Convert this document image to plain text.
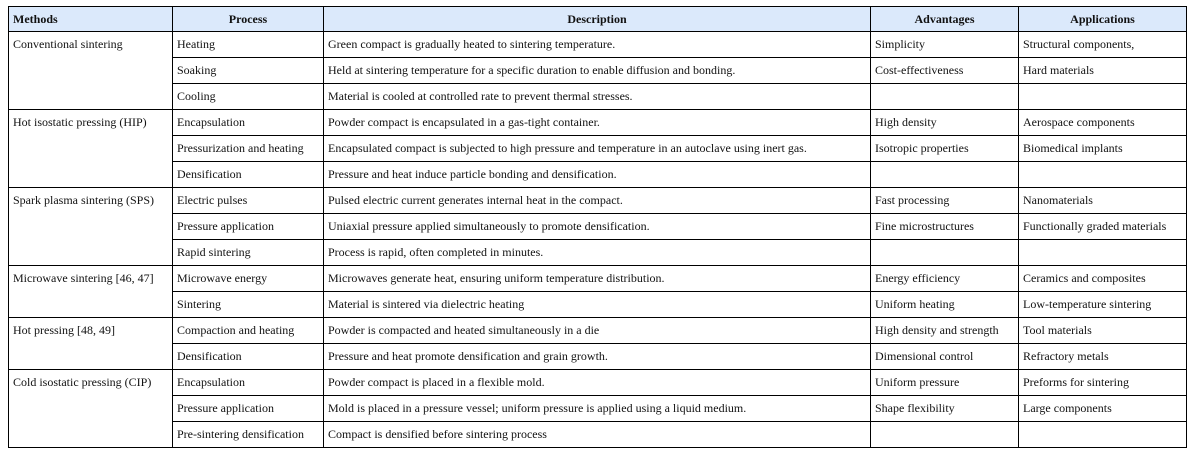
Methods	Process	Description	Advantages	Applications
Conventional sintering	Heating	Green compact is gradually heated to sintering temperature.	Simplicity	Structural components,
	Soaking	Held at sintering temperature for a specific duration to enable diffusion and bonding.	Cost-effectiveness	Hard materials
	Cooling	Material is cooled at controlled rate to prevent thermal stresses.		
Hot isostatic pressing (HIP)	Encapsulation	Powder compact is encapsulated in a gas-tight container.	High density	Aerospace components
	Pressurization and heating	Encapsulated compact is subjected to high pressure and temperature in an autoclave using inert gas.	Isotropic properties	Biomedical implants
	Densification	Pressure and heat induce particle bonding and densification.		
Spark plasma sintering (SPS)	Electric pulses	Pulsed electric current generates internal heat in the compact.	Fast processing	Nanomaterials
	Pressure application	Uniaxial pressure applied simultaneously to promote densification.	Fine microstructures	Functionally graded materials
	Rapid sintering	Process is rapid, often completed in minutes.		
Microwave sintering [46, 47]	Microwave energy	Microwaves generate heat, ensuring uniform temperature distribution.	Energy efficiency	Ceramics and composites
	Sintering	Material is sintered via dielectric heating	Uniform heating	Low-temperature sintering
Hot pressing [48, 49]	Compaction and heating	Powder is compacted and heated simultaneously in a die	High density and strength	Tool materials
	Densification	Pressure and heat promote densification and grain growth.	Dimensional control	Refractory metals
Cold isostatic pressing (CIP)	Encapsulation	Powder compact is placed in a flexible mold.	Uniform pressure	Preforms for sintering
	Pressure application	Mold is placed in a pressure vessel; uniform pressure is applied using a liquid medium.	Shape flexibility	Large components
	Pre-sintering densification	Compact is densified before sintering process		
